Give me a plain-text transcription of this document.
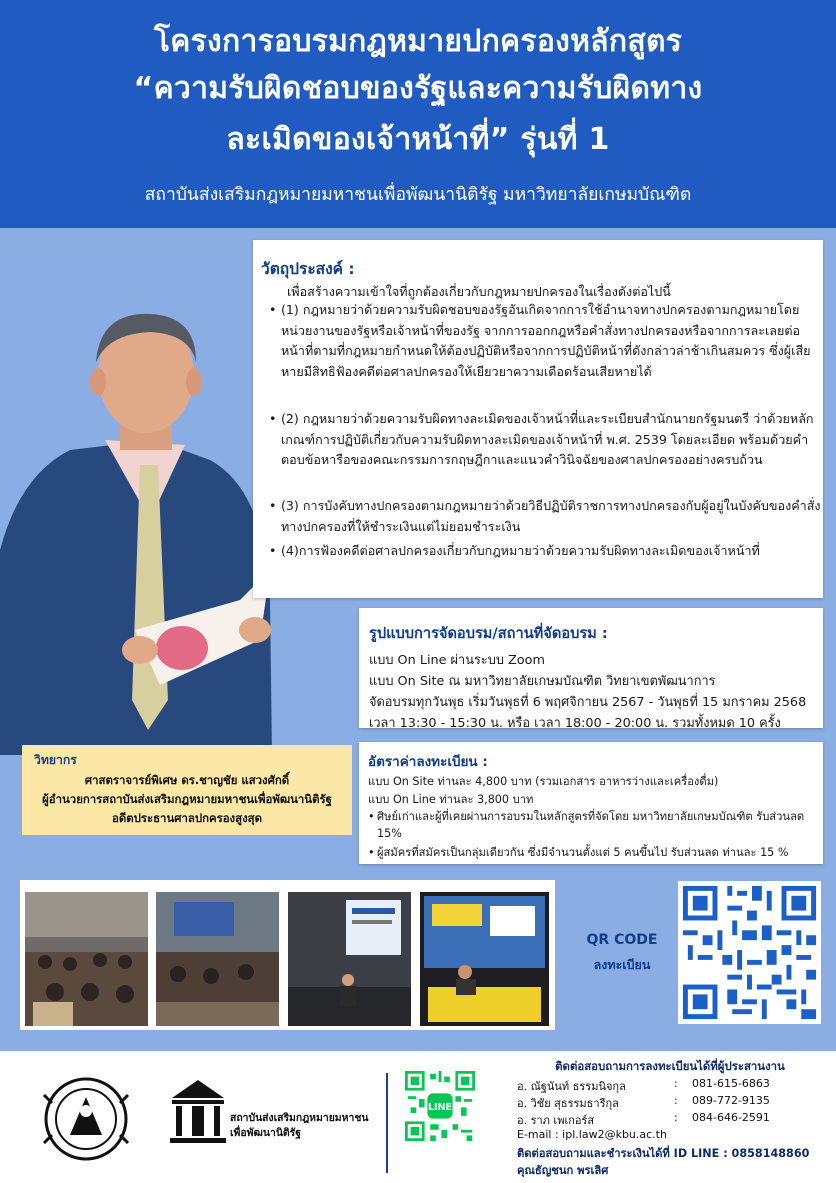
โครงการอบรมกฎหมายปกครองหลักสูตร
“ความรับผิดชอบของรัฐและความรับผิดทาง
ละเมิดของเจ้าหน้าที่” รุ่นที่ 1
สถาบันส่งเสริมกฎหมายมหาชนเพื่อพัฒนานิติรัฐ มหาวิทยาลัยเกษมบัณฑิต
วัตถุประสงค์ :
เพื่อสร้างความเข้าใจที่ถูกต้องเกี่ยวกับกฎหมายปกครองในเรื่องดังต่อไปนี้
• (1) กฎหมายว่าด้วยความรับผิดชอบของรัฐอันเกิดจากการใช้อำนาจทางปกครองตามกฎหมายโดยหน่วยงานของรัฐหรือเจ้าหน้าที่ของรัฐ จากการออกกฎหรือคำสั่งทางปกครองหรือจากการละเลยต่อหน้าที่ตามที่กฎหมายกำหนดให้ต้องปฏิบัติหรือจากการปฏิบัติหน้าที่ดังกล่าวล่าช้าเกินสมควร ซึ่งผู้เสียหายมีสิทธิฟ้องคดีต่อศาลปกครองให้เยียวยาความเดือดร้อนเสียหายได้
• (2) กฎหมายว่าด้วยความรับผิดทางละเมิดของเจ้าหน้าที่และระเบียบสำนักนายกรัฐมนตรี ว่าด้วยหลักเกณฑ์การปฏิบัติเกี่ยวกับความรับผิดทางละเมิดของเจ้าหน้าที่ พ.ศ. 2539 โดยละเอียด พร้อมด้วยคำตอบข้อหารือของคณะกรรมการกฤษฎีกาและแนวคำวินิจฉัยของศาลปกครองอย่างครบถ้วน
• (3) การบังคับทางปกครองตามกฎหมายว่าด้วยวิธีปฏิบัติราชการทางปกครองกับผู้อยู่ในบังคับของคำสั่งทางปกครองที่ให้ชำระเงินแต่ไม่ยอมชำระเงิน
• (4)การฟ้องคดีต่อศาลปกครองเกี่ยวกับกฎหมายว่าด้วยความรับผิดทางละเมิดของเจ้าหน้าที่
รูปแบบการจัดอบรม/สถานที่จัดอบรม :
แบบ On Line ผ่านระบบ Zoom
แบบ On Site ณ มหาวิทยาลัยเกษมบัณฑิต วิทยาเขตพัฒนาการ
จัดอบรมทุกวันพุธ เริ่มวันพุธที่ 6 พฤศจิกายน 2567 - วันพุธที่ 15 มกราคม 2568
เวลา 13:30 - 15:30 น. หรือ เวลา 18:00 - 20:00 น. รวมทั้งหมด 10 ครั้ง
วิทยากร
ศาสตราจารย์พิเศษ ดร.ชาญชัย แสวงศักดิ์
ผู้อำนวยการสถาบันส่งเสริมกฎหมายมหาชนเพื่อพัฒนานิติรัฐ
อดีตประธานศาลปกครองสูงสุด
อัตราค่าลงทะเบียน :
แบบ On Site ท่านละ 4,800 บาท (รวมเอกสาร อาหารว่างและเครื่องดื่ม)
แบบ On Line ท่านละ 3,800 บาท
• ศิษย์เก่าและผู้ที่เคยผ่านการอบรมในหลักสูตรที่จัดโดย มหาวิทยาลัยเกษมบัณฑิต รับส่วนลด 15%
• ผู้สมัครที่สมัครเป็นกลุ่มเดียวกัน ซึ่งมีจำนวนตั้งแต่ 5 คนขึ้นไป รับส่วนลด ท่านละ 15 %
QR CODE
ลงทะเบียน
สถาบันส่งเสริมกฎหมายมหาชน
เพื่อพัฒนานิติรัฐ
LINE
ติดต่อสอบถามการลงทะเบียนได้ที่ผู้ประสานงาน
อ. ณัฐนันท์ ธรรมนิจกุล	: 081-615-6863
อ. วิชัย สุธรรมธารีกุล	: 089-772-9135
อ. ราภ เพเกอร์ส	: 084-646-2591
E-mail : ipl.law2@kbu.ac.th
ติดต่อสอบถามและชำระเงินได้ที่ ID LINE : 0858148860
คุณธัญชนก พรเลิศ
